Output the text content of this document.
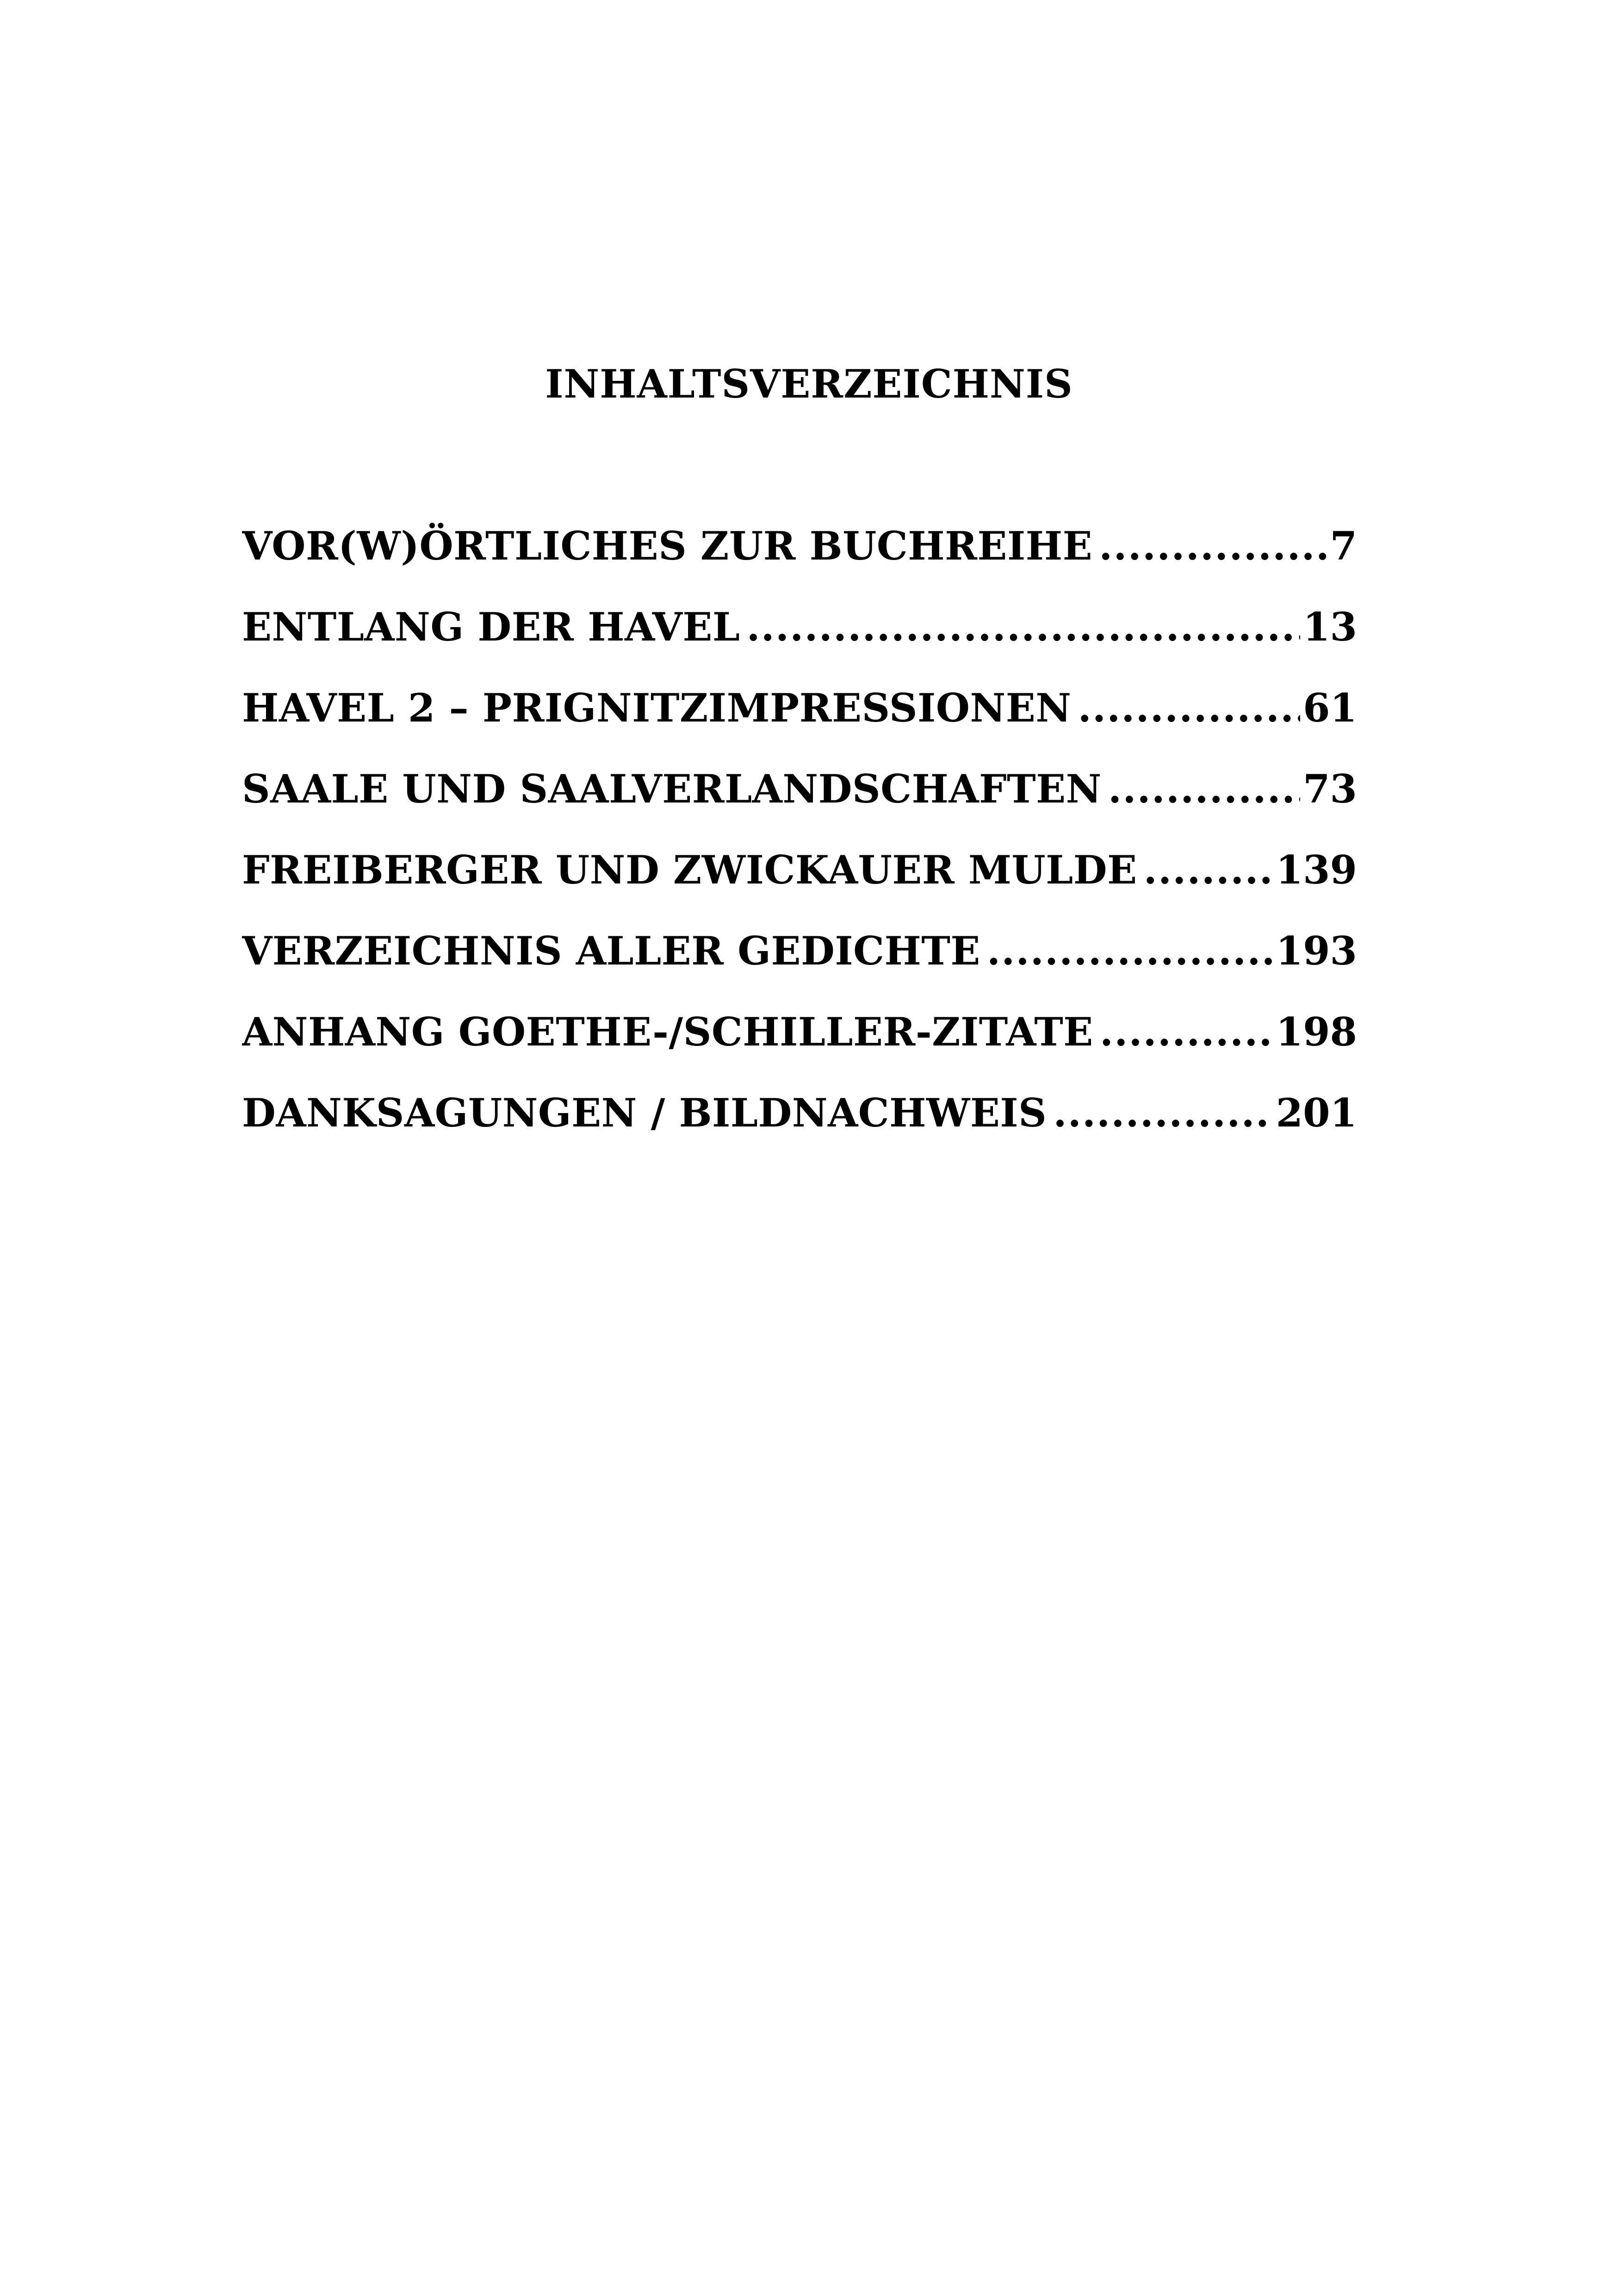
INHALTSVERZEICHNIS
VOR(W)ÖRTLICHES ZUR BUCHREIHE .....	7
ENTLANG DER HAVEL .....	13
HAVEL 2 – PRIGNITZIMPRESSIONEN .....	61
SAALE UND SAALVERLANDSCHAFTEN .....	73
FREIBERGER UND ZWICKAUER MULDE .....	139
VERZEICHNIS ALLER GEDICHTE .....	193
ANHANG GOETHE-/SCHILLER-ZITATE .....	198
DANKSAGUNGEN / BILDNACHWEIS .....	201
